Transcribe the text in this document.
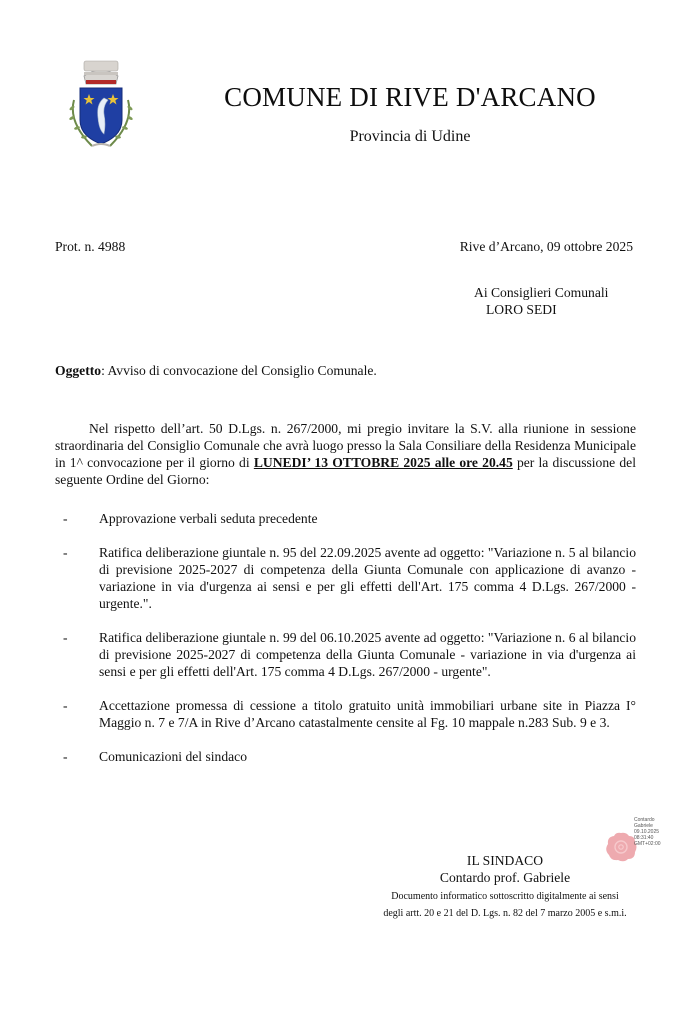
COMUNE DI RIVE D'ARCANO
Provincia di Udine
Prot. n. 4988	Rive d’Arcano, 09 ottobre 2025
Ai Consiglieri Comunali
LORO SEDI
Oggetto: Avviso di convocazione del Consiglio Comunale.
Nel rispetto dell’art. 50 D.Lgs. n. 267/2000, mi pregio invitare la S.V. alla riunione in sessione straordinaria del Consiglio Comunale che avrà luogo presso la Sala Consiliare della Residenza Municipale in 1^ convocazione per il giorno di LUNEDI’ 13 OTTOBRE 2025 alle ore 20.45 per la discussione del seguente Ordine del Giorno:
- Approvazione verbali seduta precedente
- Ratifica deliberazione giuntale n. 95 del 22.09.2025 avente ad oggetto: "Variazione n. 5 al bilancio di previsione 2025-2027 di competenza della Giunta Comunale con applicazione di avanzo - variazione in via d'urgenza ai sensi e per gli effetti dell'Art. 175 comma 4 D.Lgs. 267/2000 - urgente.".
- Ratifica deliberazione giuntale n. 99 del 06.10.2025 avente ad oggetto: "Variazione n. 6 al bilancio di previsione 2025-2027 di competenza della Giunta Comunale - variazione in via d'urgenza ai sensi e per gli effetti dell'Art. 175 comma 4 D.Lgs. 267/2000 - urgente".
- Accettazione promessa di cessione a titolo gratuito unità immobiliari urbane site in Piazza I° Maggio n. 7 e 7/A in Rive d’Arcano catastalmente censite al Fg. 10 mappale n.283 Sub. 9 e 3.
- Comunicazioni del sindaco
Contardo
Gabriele
09.10.2025
08:31:40
GMT+02:00
IL SINDACO
Contardo prof. Gabriele
Documento informatico sottoscritto digitalmente ai sensi
degli artt. 20 e 21 del D. Lgs. n. 82 del 7 marzo 2005 e s.m.i.
